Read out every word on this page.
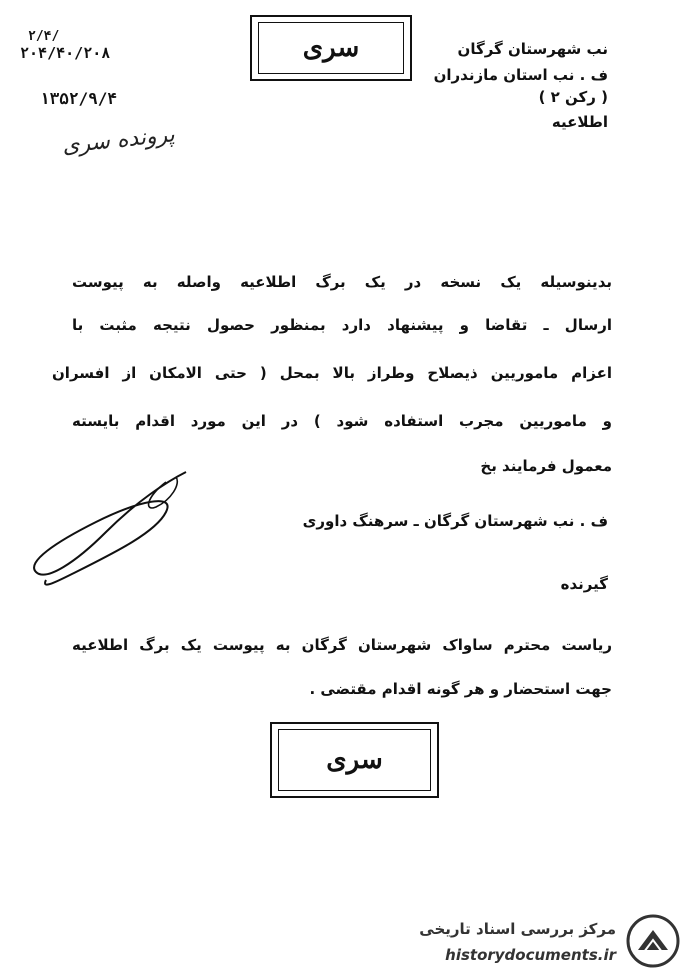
سری
۲/۴/
۲۰۴/۴۰/۲۰۸
۱۳۵۲/۹/۴
پرونده سری
نب شهرستان گرگان
ف . نب استان مازندران
( رکن ۲ )
اطلاعیه
بدینوسیله یک نسخه در یک برگ اطلاعیه واصله به پیوست
ارسال ـ تقاضا و پیشنهاد دارد بمنظور حصول نتیجه مثبت با
اعزام ماموریین ذیصلاح وطراز بالا بمحل ( حتی الامکان از افسران
و ماموریین مجرب استفاده شود ) در این مورد اقدام بایسته
معمول فرمایند بخ
ف . نب شهرستان گرگان ـ سرهنگ داوری
گیرنده
ریاست محترم ساواک شهرستان گرگان به پیوست یک برگ اطلاعیه
جهت استحضار و هر گونه اقدام مقتضی .
سری
مرکز بررسی اسناد تاریخی
historydocuments.ir
